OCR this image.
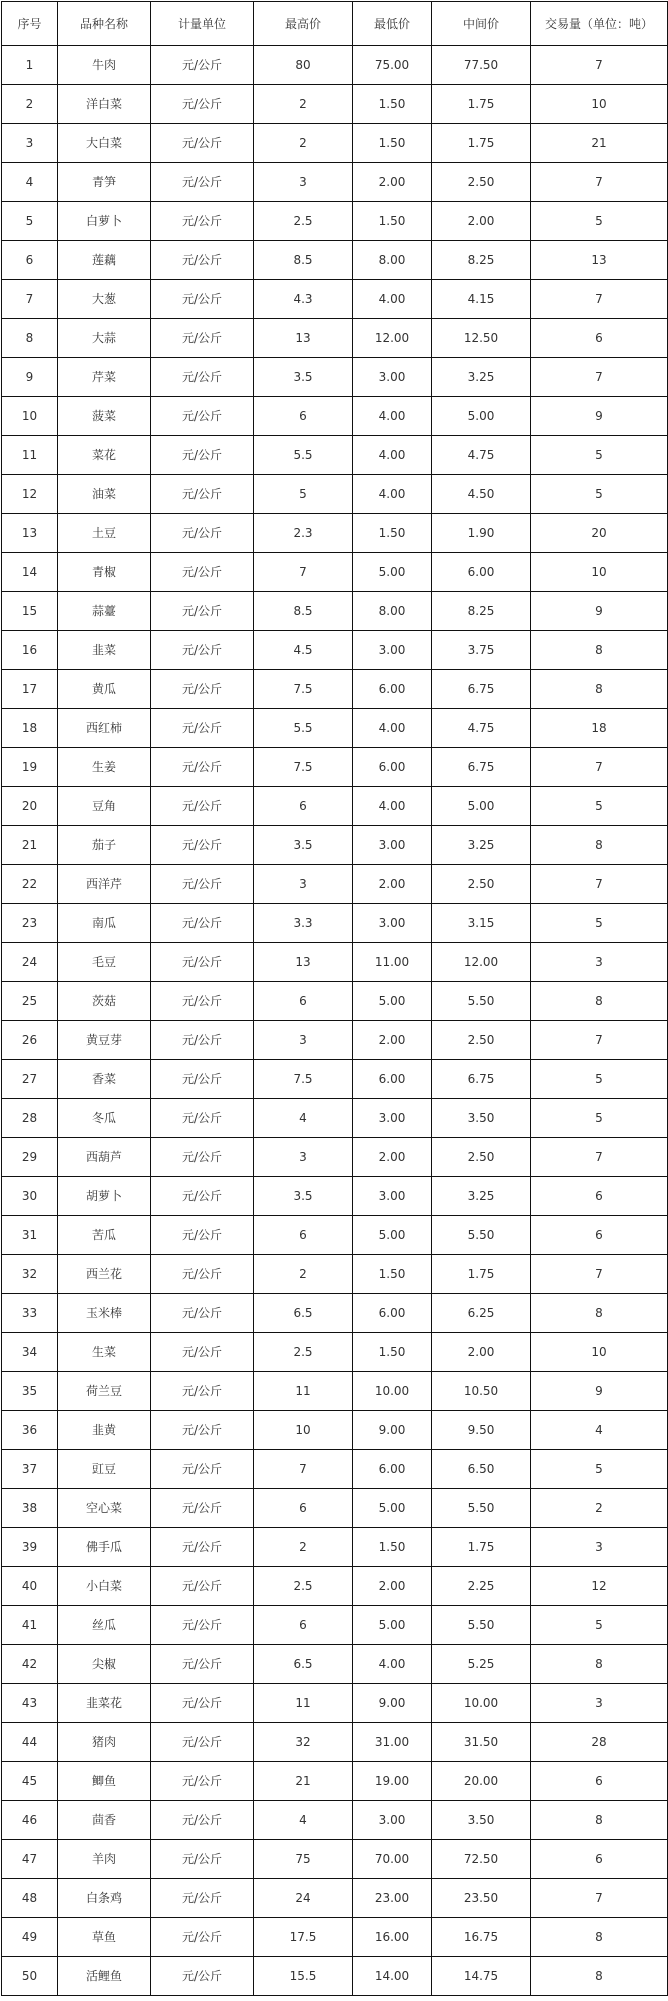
序号	品种名称	计量单位	最高价	最低价	中间价	交易量（单位：吨）
1	牛肉	元/公斤	80	75.00	77.50	7
2	洋白菜	元/公斤	2	1.50	1.75	10
3	大白菜	元/公斤	2	1.50	1.75	21
4	青笋	元/公斤	3	2.00	2.50	7
5	白萝卜	元/公斤	2.5	1.50	2.00	5
6	莲藕	元/公斤	8.5	8.00	8.25	13
7	大葱	元/公斤	4.3	4.00	4.15	7
8	大蒜	元/公斤	13	12.00	12.50	6
9	芹菜	元/公斤	3.5	3.00	3.25	7
10	菠菜	元/公斤	6	4.00	5.00	9
11	菜花	元/公斤	5.5	4.00	4.75	5
12	油菜	元/公斤	5	4.00	4.50	5
13	土豆	元/公斤	2.3	1.50	1.90	20
14	青椒	元/公斤	7	5.00	6.00	10
15	蒜薹	元/公斤	8.5	8.00	8.25	9
16	韭菜	元/公斤	4.5	3.00	3.75	8
17	黄瓜	元/公斤	7.5	6.00	6.75	8
18	西红柿	元/公斤	5.5	4.00	4.75	18
19	生姜	元/公斤	7.5	6.00	6.75	7
20	豆角	元/公斤	6	4.00	5.00	5
21	茄子	元/公斤	3.5	3.00	3.25	8
22	西洋芹	元/公斤	3	2.00	2.50	7
23	南瓜	元/公斤	3.3	3.00	3.15	5
24	毛豆	元/公斤	13	11.00	12.00	3
25	茨菇	元/公斤	6	5.00	5.50	8
26	黄豆芽	元/公斤	3	2.00	2.50	7
27	香菜	元/公斤	7.5	6.00	6.75	5
28	冬瓜	元/公斤	4	3.00	3.50	5
29	西葫芦	元/公斤	3	2.00	2.50	7
30	胡萝卜	元/公斤	3.5	3.00	3.25	6
31	苦瓜	元/公斤	6	5.00	5.50	6
32	西兰花	元/公斤	2	1.50	1.75	7
33	玉米棒	元/公斤	6.5	6.00	6.25	8
34	生菜	元/公斤	2.5	1.50	2.00	10
35	荷兰豆	元/公斤	11	10.00	10.50	9
36	韭黄	元/公斤	10	9.00	9.50	4
37	豇豆	元/公斤	7	6.00	6.50	5
38	空心菜	元/公斤	6	5.00	5.50	2
39	佛手瓜	元/公斤	2	1.50	1.75	3
40	小白菜	元/公斤	2.5	2.00	2.25	12
41	丝瓜	元/公斤	6	5.00	5.50	5
42	尖椒	元/公斤	6.5	4.00	5.25	8
43	韭菜花	元/公斤	11	9.00	10.00	3
44	猪肉	元/公斤	32	31.00	31.50	28
45	鲫鱼	元/公斤	21	19.00	20.00	6
46	茴香	元/公斤	4	3.00	3.50	8
47	羊肉	元/公斤	75	70.00	72.50	6
48	白条鸡	元/公斤	24	23.00	23.50	7
49	草鱼	元/公斤	17.5	16.00	16.75	8
50	活鲤鱼	元/公斤	15.5	14.00	14.75	8
